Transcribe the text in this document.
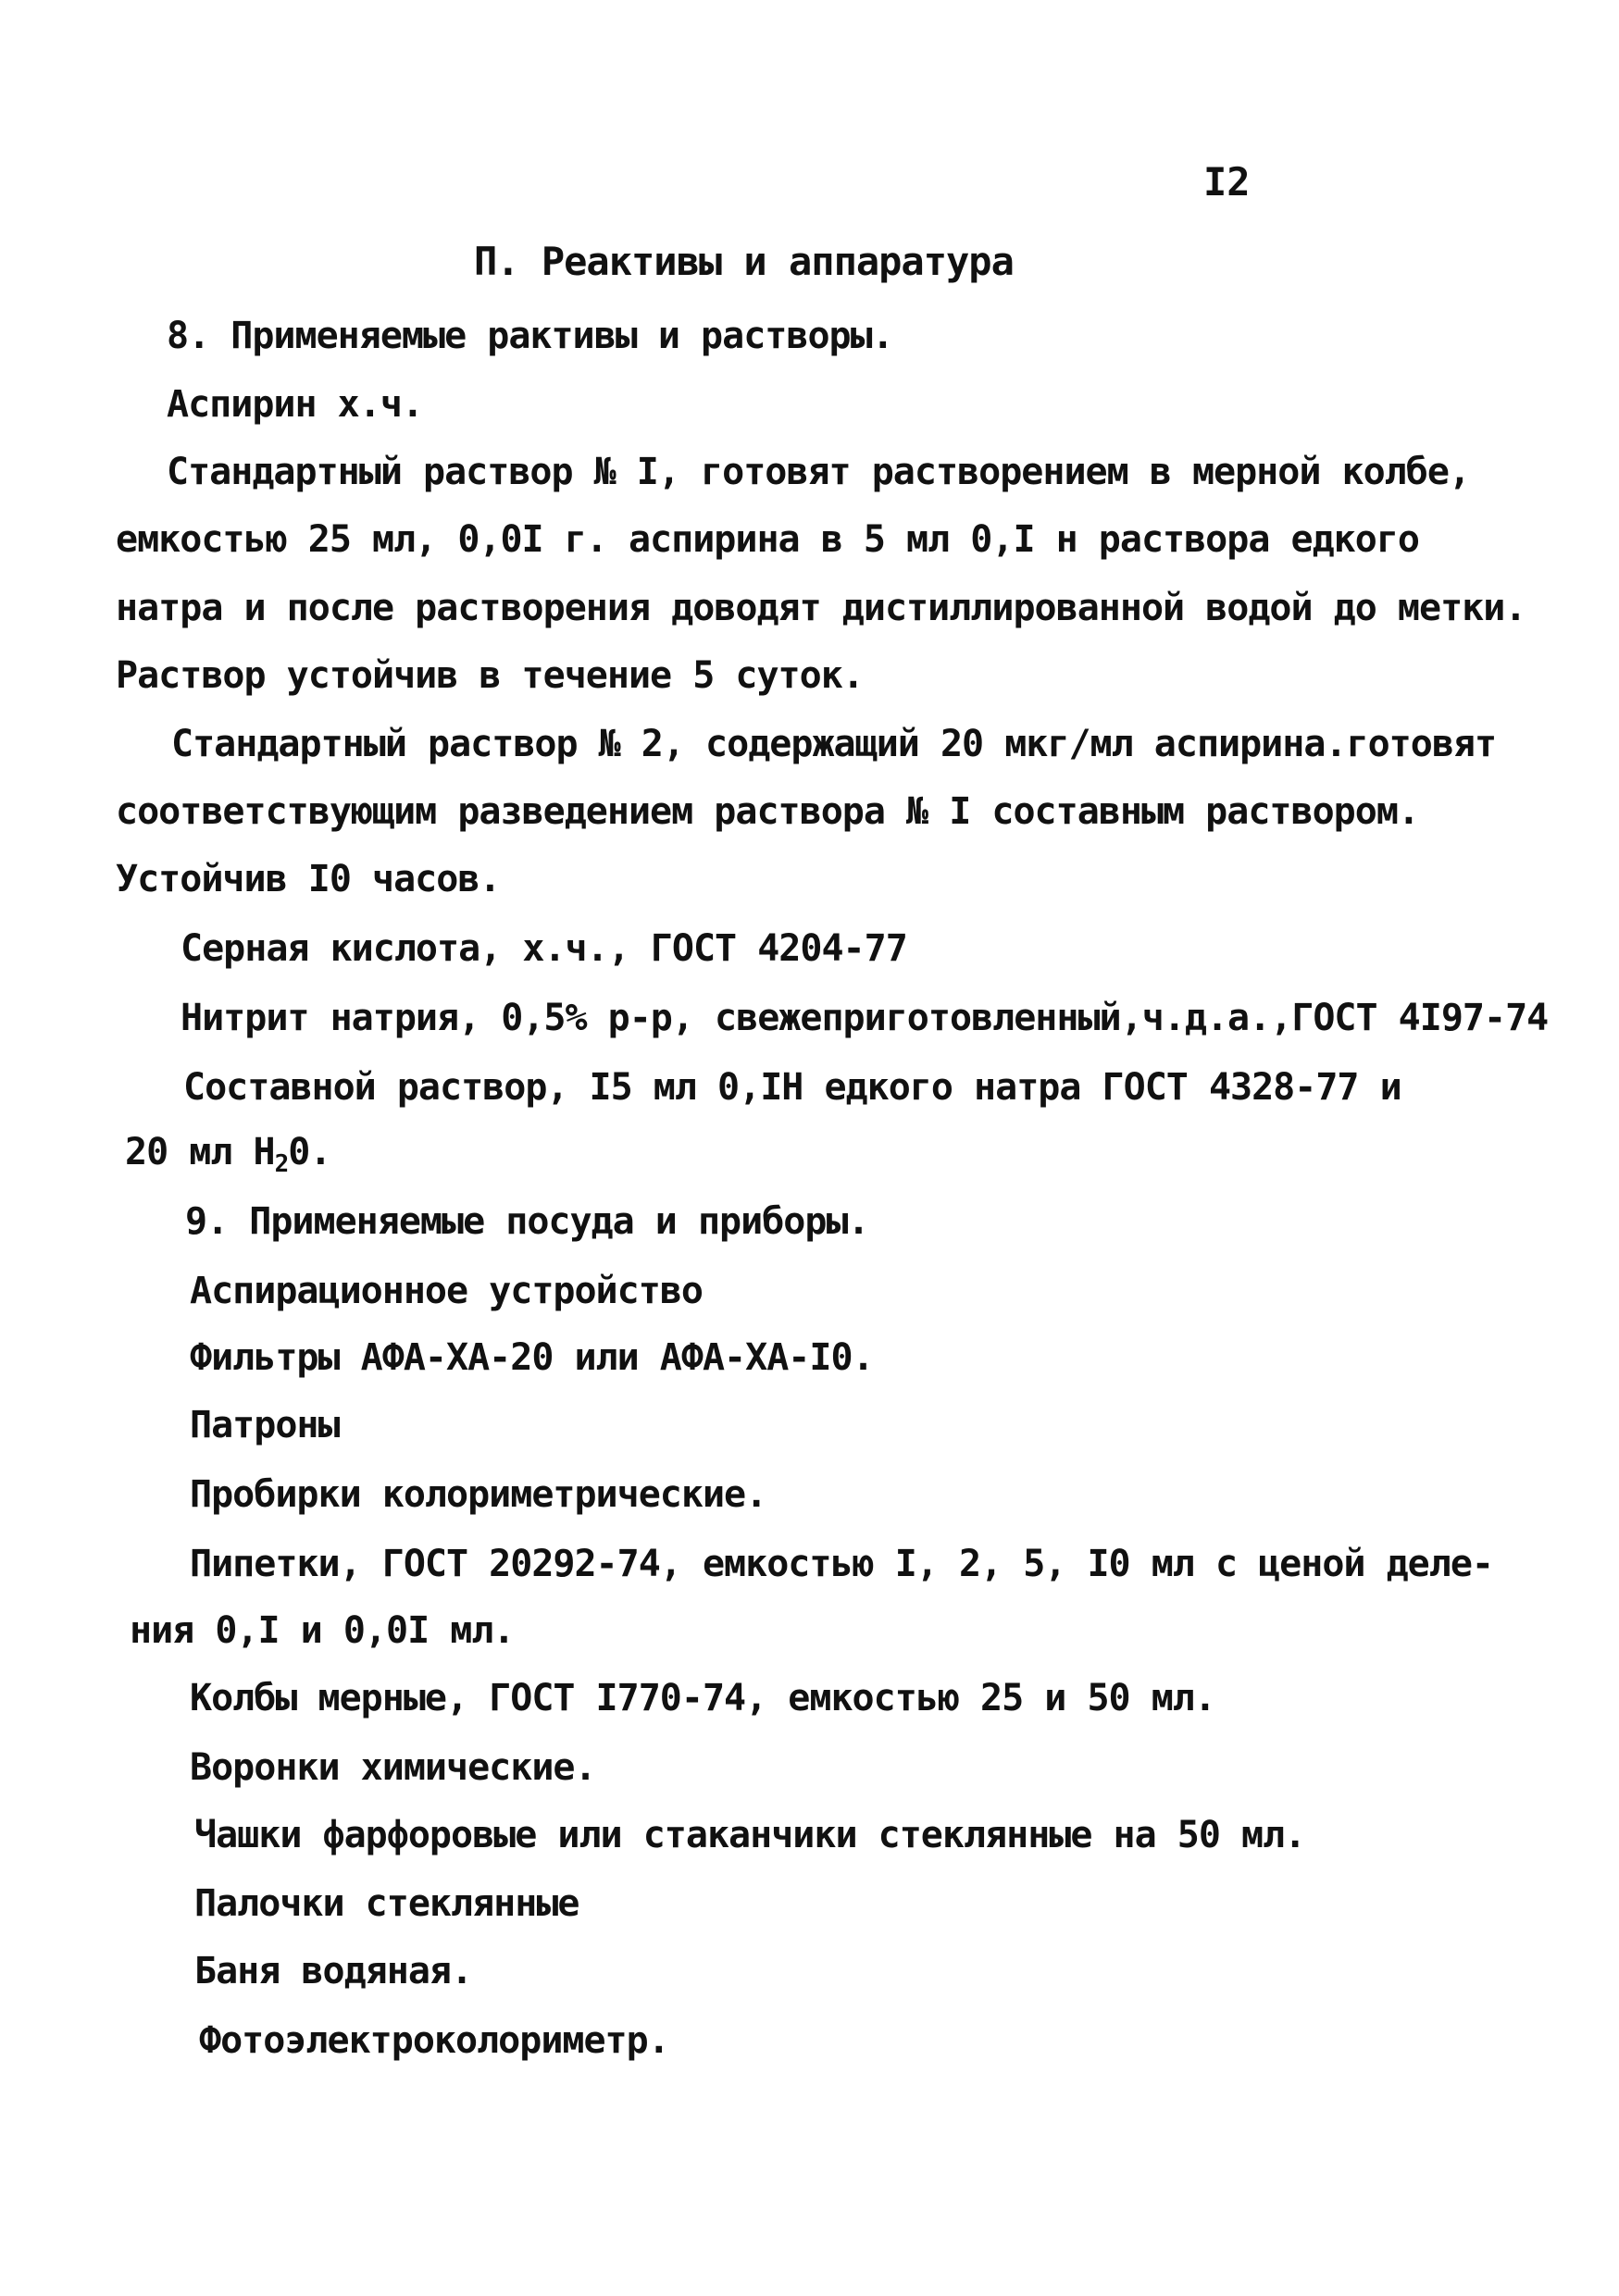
I2
П. Реактивы и аппаратура
8. Применяемые рактивы и растворы.
Аспирин х.ч.
Стандартный раствор № I, готовят растворением в мерной колбе,
емкостью 25 мл, 0,0I г. аспирина в 5 мл 0,I н раствора едкого
натра и после растворения доводят дистиллированной водой до метки.
Раствор устойчив в течение 5 суток.
Стандартный раствор № 2, содержащий 20 мкг/мл аспирина.готовят
соответствующим разведением раствора № I составным раствором.
Устойчив I0 часов.
Серная кислота, х.ч., ГОСТ 4204-77
Нитрит натрия, 0,5% р-р, свежеприготовленный,ч.д.а.,ГОСТ 4I97-74
Составной раствор, I5 мл 0,IН едкого натра ГОСТ 4328-77 и
20 мл $Н_20$.
9. Применяемые посуда и приборы.
Аспирационное устройство
Фильтры АФА-ХА-20 или АФА-ХА-I0.
Патроны
Пробирки колориметрические.
Пипетки, ГОСТ 20292-74, емкостью I, 2, 5, I0 мл с ценой деле-
ния 0,I и 0,0I мл.
Колбы мерные, ГОСТ I770-74, емкостью 25 и 50 мл.
Воронки химические.
Чашки фарфоровые или стаканчики стеклянные на 50 мл.
Палочки стеклянные
Баня водяная.
Фотоэлектроколориметр.
